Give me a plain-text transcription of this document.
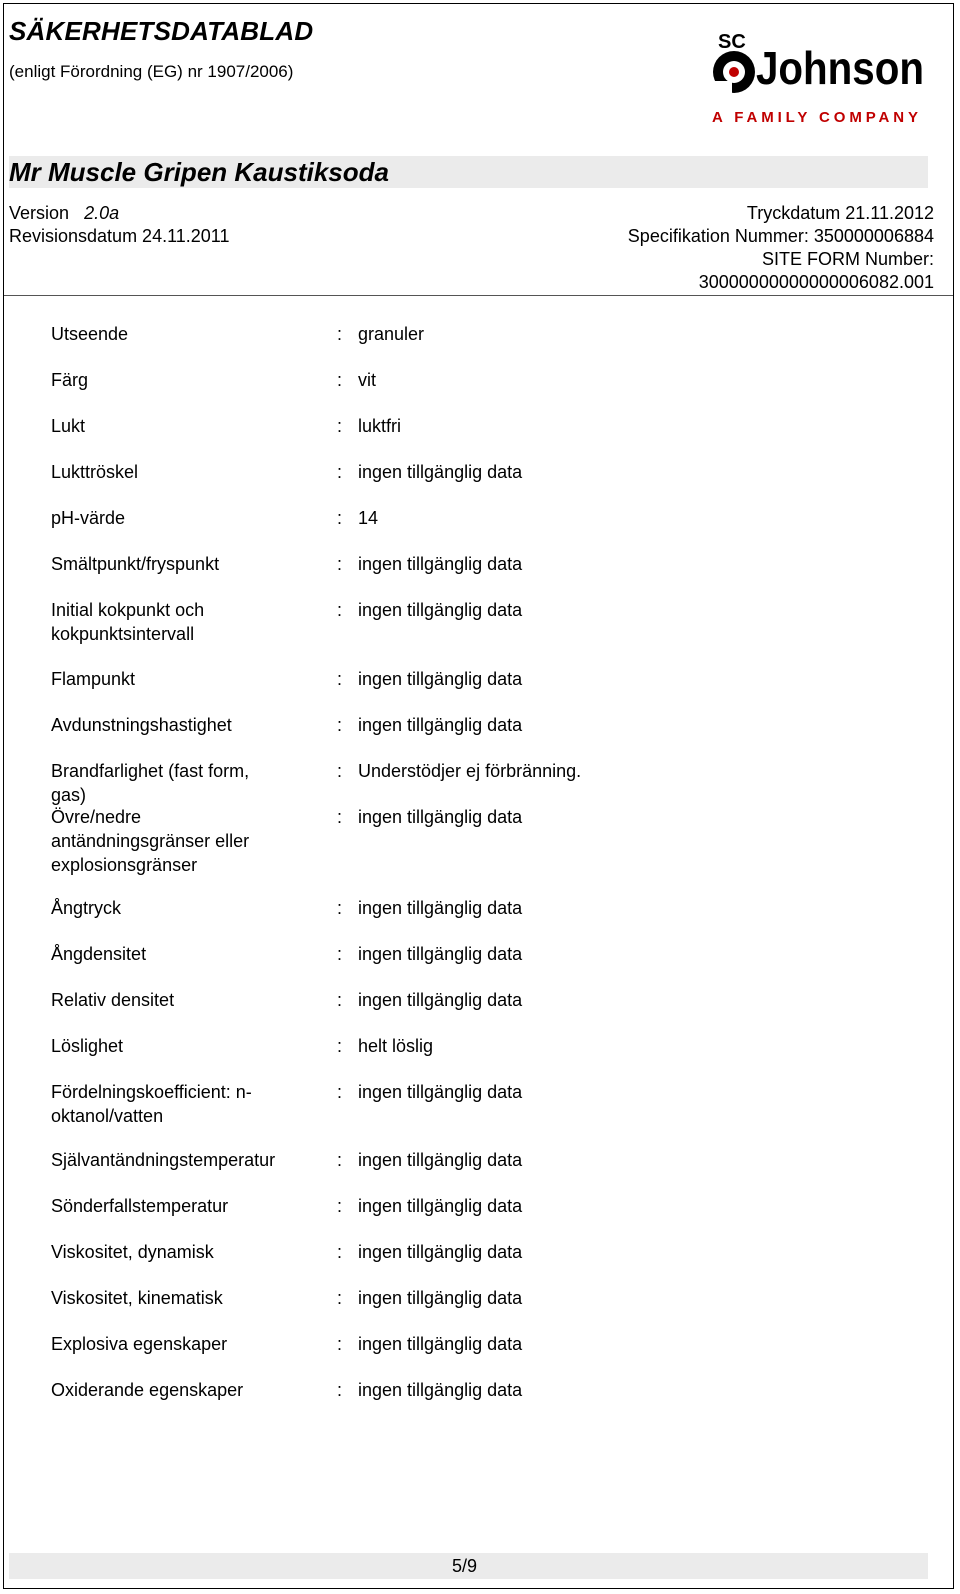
SÄKERHETSDATABLAD
(enligt Förordning (EG) nr 1907/2006)
SC Johnson
A FAMILY COMPANY
Mr Muscle Gripen Kaustiksoda
Version 2.0a
Revisionsdatum 24.11.2011
Tryckdatum 21.11.2012
Specifikation Nummer: 350000006884
SITE FORM Number:
30000000000000006082.001
Utseende	: granuler
Färg	: vit
Lukt	: luktfri
Lukttröskel	: ingen tillgänglig data
pH-värde	: 14
Smältpunkt/fryspunkt	: ingen tillgänglig data
Initial kokpunkt och kokpunktsintervall
: ingen tillgänglig data
Flampunkt	: ingen tillgänglig data
Avdunstningshastighet	: ingen tillgänglig data
Brandfarlighet (fast form, gas)
: Understödjer ej förbränning.
Övre/nedre antändningsgränser eller explosionsgränser
: ingen tillgänglig data
Ångtryck	: ingen tillgänglig data
Ångdensitet	: ingen tillgänglig data
Relativ densitet	: ingen tillgänglig data
Löslighet	: helt löslig
Fördelningskoefficient: n-oktanol/vatten
: ingen tillgänglig data
Självantändningstemperatur	: ingen tillgänglig data
Sönderfallstemperatur	: ingen tillgänglig data
Viskositet, dynamisk	: ingen tillgänglig data
Viskositet, kinematisk	: ingen tillgänglig data
Explosiva egenskaper	: ingen tillgänglig data
Oxiderande egenskaper	: ingen tillgänglig data
5/9
